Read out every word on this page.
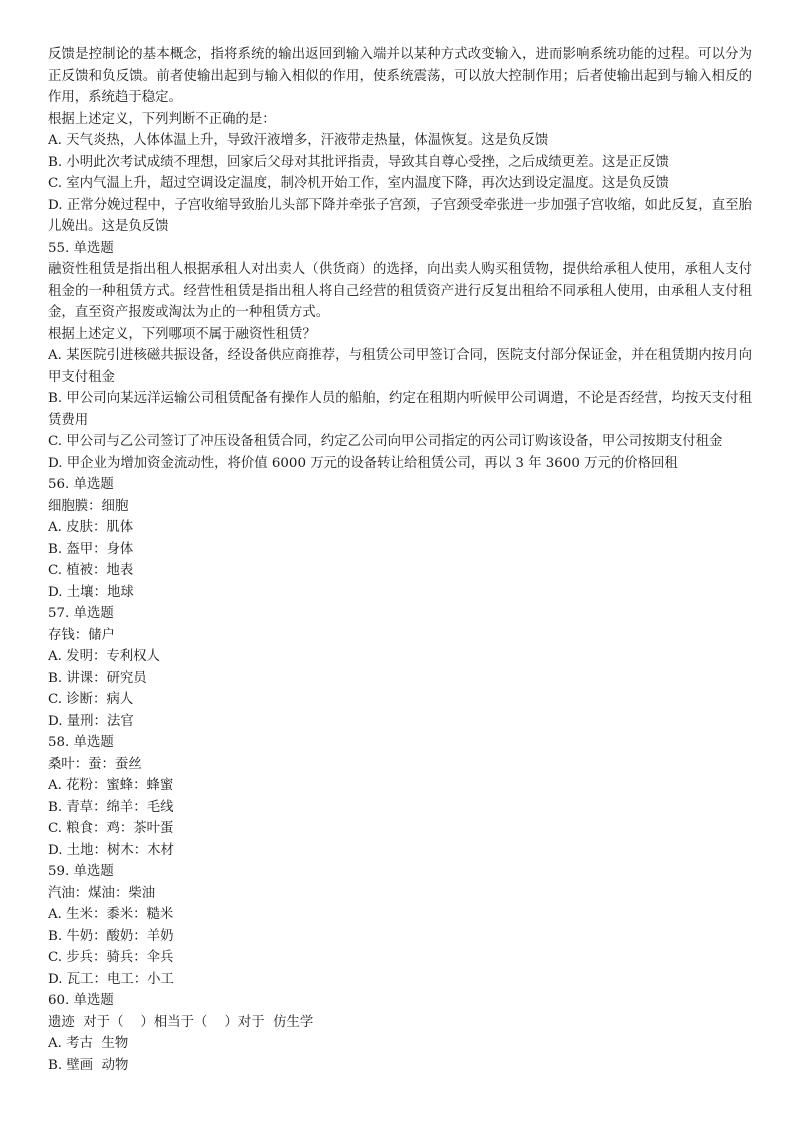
反馈是控制论的基本概念，指将系统的输出返回到输入端并以某种方式改变输入，进而影响系统功能的过程。可以分为正反馈和负反馈。前者使输出起到与输入相似的作用，使系统震荡，可以放大控制作用；后者使输出起到与输入相反的作用，系统趋于稳定。

根据上述定义，下列判断不正确的是：

A. 天气炎热，人体体温上升，导致汗液增多，汗液带走热量，体温恢复。这是负反馈

B. 小明此次考试成绩不理想，回家后父母对其批评指责，导致其自尊心受挫，之后成绩更差。这是正反馈

C. 室内气温上升，超过空调设定温度，制冷机开始工作，室内温度下降，再次达到设定温度。这是负反馈

D. 正常分娩过程中，子宫收缩导致胎儿头部下降并牵张子宫颈，子宫颈受牵张进一步加强子宫收缩，如此反复，直至胎儿娩出。这是负反馈

55. 单选题

融资性租赁是指出租人根据承租人对出卖人（供货商）的选择，向出卖人购买租赁物，提供给承租人使用，承租人支付租金的一种租赁方式。经营性租赁是指出租人将自己经营的租赁资产进行反复出租给不同承租人使用，由承租人支付租金，直至资产报废或淘汰为止的一种租赁方式。

根据上述定义，下列哪项不属于融资性租赁？

A. 某医院引进核磁共振设备，经设备供应商推荐，与租赁公司甲签订合同，医院支付部分保证金，并在租赁期内按月向甲支付租金

B. 甲公司向某远洋运输公司租赁配备有操作人员的船舶，约定在租期内听候甲公司调遣，不论是否经营，均按天支付租赁费用

C. 甲公司与乙公司签订了冲压设备租赁合同，约定乙公司向甲公司指定的丙公司订购该设备，甲公司按期支付租金

D. 甲企业为增加资金流动性，将价值 6000 万元的设备转让给租赁公司，再以 3 年 3600 万元的价格回租

56. 单选题

细胞膜：细胞

A. 皮肤：肌体

B. 盔甲：身体

C. 植被：地表

D. 土壤：地球

57. 单选题

存钱：储户

A. 发明：专利权人

B. 讲课：研究员

C. 诊断：病人

D. 量刑：法官

58. 单选题

桑叶：蚕：蚕丝

A. 花粉：蜜蜂：蜂蜜

B. 青草：绵羊：毛线

C. 粮食：鸡：茶叶蛋

D. 土地：树木：木材

59. 单选题

汽油：煤油：柴油

A. 生米：黍米：糙米

B. 牛奶：酸奶：羊奶

C. 步兵：骑兵：伞兵

D. 瓦工：电工：小工

60. 单选题

遗迹  对于（    ）相当于（    ）对于  仿生学

A. 考古  生物

B. 壁画  动物
